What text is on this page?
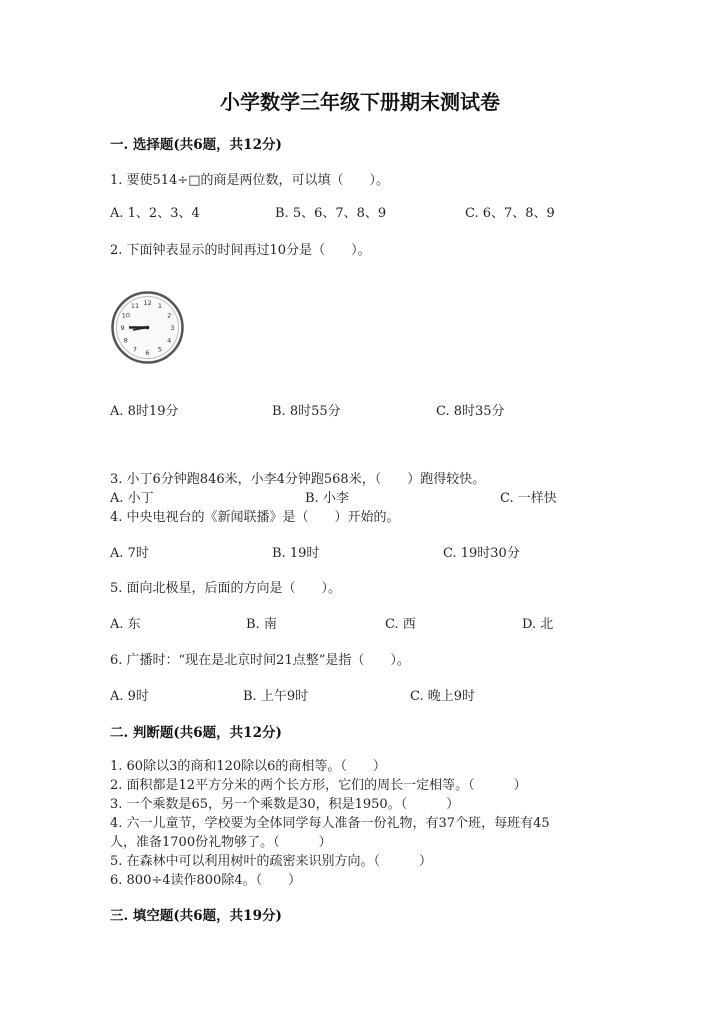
小学数学三年级下册期末测试卷
一. 选择题(共6题，共12分)
1. 要使514÷□的商是两位数，可以填（　　）。
A. 1、2、3、4	B. 5、6、7、8、9	C. 6、7、8、9
2. 下面钟表显示的时间再过10分是（　　）。
12 1
2
3
4
5
6
7
8
9
10
11
A. 8时19分	B. 8时55分	C. 8时35分
3. 小丁6分钟跑846米，小李4分钟跑568米，（　　）跑得较快。
A. 小丁	B. 小李	C. 一样快
4. 中央电视台的《新闻联播》是（　　）开始的。
A. 7时	B. 19时	C. 19时30分
5. 面向北极星，后面的方向是（　　）。
A. 东	B. 南	C. 西	D. 北
6. 广播时：“现在是北京时间21点整”是指（　　）。
A. 9时	B. 上午9时	C. 晚上9时
二. 判断题(共6题，共12分)
1. 60除以3的商和120除以6的商相等。（　　）
2. 面积都是12平方分米的两个长方形，它们的周长一定相等。（　　　）
3. 一个乘数是65，另一个乘数是30，积是1950。（　　　）
4. 六一儿童节，学校要为全体同学每人准备一份礼物，有37个班，每班有45
人，准备1700份礼物够了。（　　　）
5. 在森林中可以利用树叶的疏密来识别方向。（　　　）
6. 800÷4读作800除4。（　　）
三. 填空题(共6题，共19分)
